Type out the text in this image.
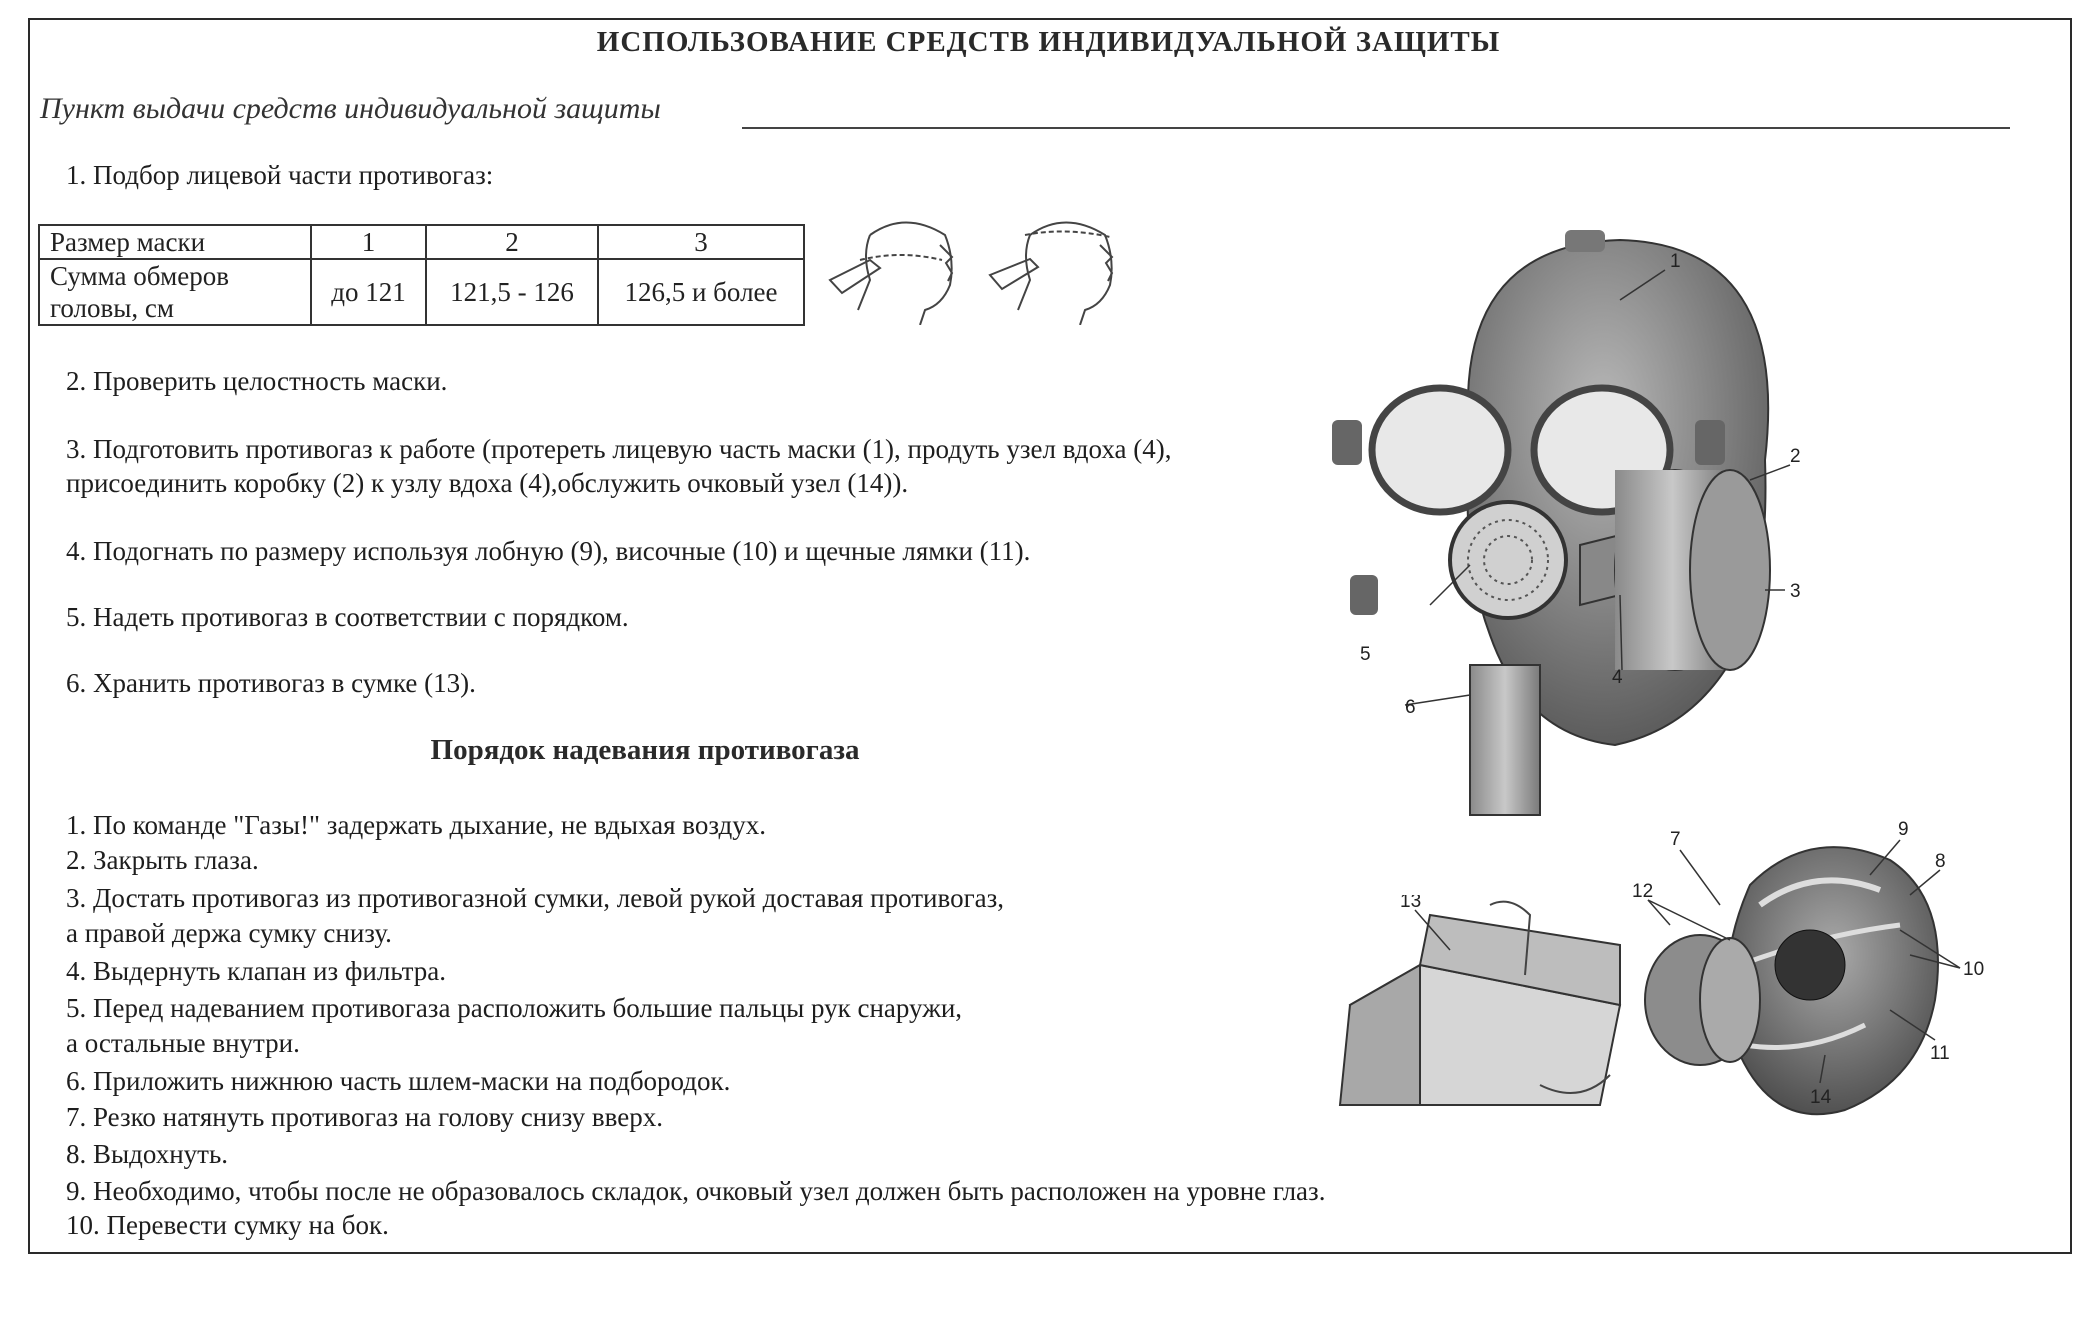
ИСПОЛЬЗОВАНИЕ СРЕДСТВ ИНДИВИДУАЛЬНОЙ ЗАЩИТЫ
Пункт выдачи средств индивидуальной защиты
1. Подбор лицевой части противогаз:
Размер маски	1	2	3

Сумма обмеров
головы, см	до 121	121,5 - 126	126,5 и более
2. Проверить целостность маски.
3. Подготовить противогаз к работе (протереть лицевую часть маски (1), продуть узел вдоха (4),
присоединить коробку (2) к узлу вдоха (4),обслужить очковый узел (14)).
4. Подогнать по размеру используя лобную (9), височные (10) и щечные лямки (11).
5. Надеть противогаз в соответствии с порядком.
6. Хранить противогаз в сумке (13).
Порядок надевания противогаза
1. По команде "Газы!" задержать дыхание, не вдыхая воздух.
2. Закрыть глаза.
3. Достать противогаз из противогазной сумки, левой рукой доставая противогаз,
а правой держа сумку снизу.
4. Выдернуть клапан из фильтра.
5. Перед надеванием противогаза расположить большие пальцы рук снаружи,
а остальные внутри.
6. Приложить нижнюю часть шлем-маски на подбородок.
7. Резко натянуть противогаз на голову снизу вверх.
8. Выдохнуть.
9. Необходимо, чтобы после не образовалось складок, очковый узел должен быть расположен на уровне глаз.
10. Перевести сумку на бок.
1
2
3
4
5
6
13
7	9
8
12
10
11
14
